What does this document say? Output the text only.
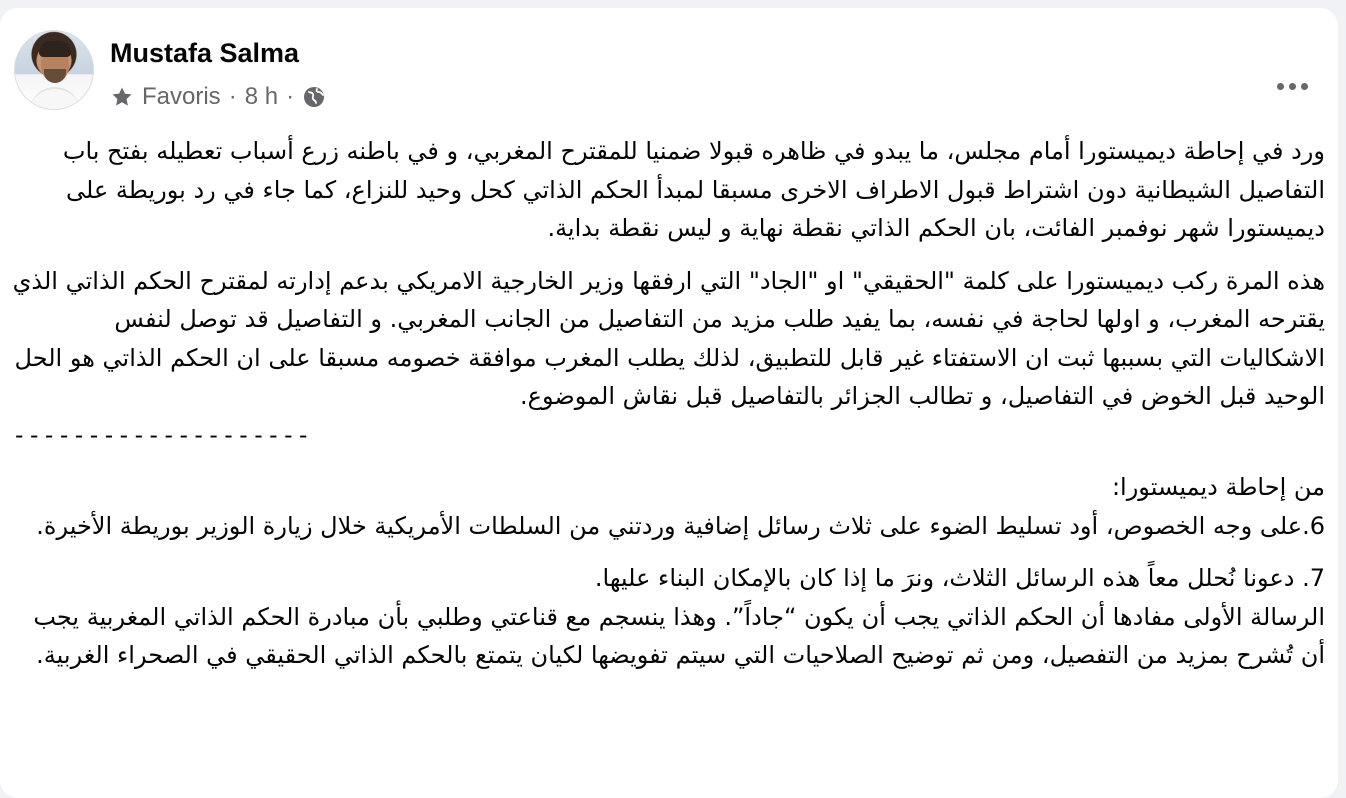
Mustafa Salma
Favoris · 8 h ·

ورد في إحاطة ديميستورا أمام مجلس، ما يبدو في ظاهره قبولا ضمنيا للمقترح المغربي، و في باطنه زرع أسباب تعطيله بفتح باب التفاصيل الشيطانية دون اشتراط قبول الاطراف الاخرى مسبقا لمبدأ الحكم الذاتي كحل وحيد للنزاع، كما جاء في رد بوريطة على ديميستورا شهر نوفمبر الفائت، بان الحكم الذاتي نقطة نهاية و ليس نقطة بداية.

هذه المرة ركب ديميستورا على كلمة "الحقيقي" او "الجاد" التي ارفقها وزير الخارجية الامريكي بدعم إدارته لمقترح الحكم الذاتي الذي يقترحه المغرب، و اولها لحاجة في نفسه، بما يفيد طلب مزيد من التفاصيل من الجانب المغربي. و التفاصيل قد توصل لنفس الاشكاليات التي بسببها ثبت ان الاستفتاء غير قابل للتطبيق، لذلك يطلب المغرب موافقة خصومه مسبقا على ان الحكم الذاتي هو الحل الوحيد قبل الخوض في التفاصيل، و تطالب الجزائر بالتفاصيل قبل نقاش الموضوع.

--------------------

من إحاطة ديميستورا:

6.على وجه الخصوص، أود تسليط الضوء على ثلاث رسائل إضافية وردتني من السلطات الأمريكية خلال زيارة الوزير بوريطة الأخيرة.

7. دعونا نُحلل معاً هذه الرسائل الثلاث، ونرَ ما إذا كان بالإمكان البناء عليها.

الرسالة الأولى مفادها أن الحكم الذاتي يجب أن يكون “جاداً”. وهذا ينسجم مع قناعتي وطلبي بأن مبادرة الحكم الذاتي المغربية يجب أن تُشرح بمزيد من التفصيل، ومن ثم توضيح الصلاحيات التي سيتم تفويضها لكيان يتمتع بالحكم الذاتي الحقيقي في الصحراء الغربية.
